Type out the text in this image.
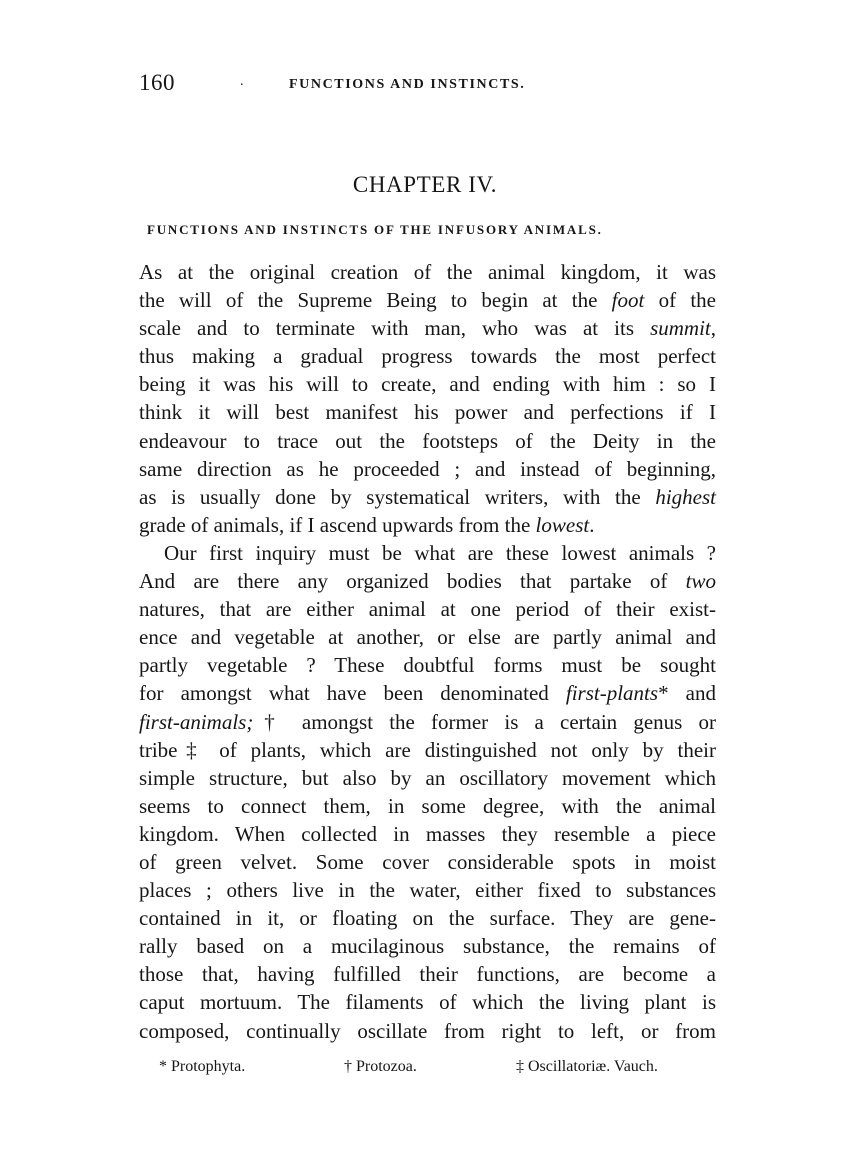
160	.	FUNCTIONS AND INSTINCTS.
CHAPTER IV.
FUNCTIONS AND INSTINCTS OF THE INFUSORY ANIMALS.
As at the original creation of the animal kingdom, it was
the will of the Supreme Being to begin at the foot of the
scale and to terminate with man, who was at its summit,
thus making a gradual progress towards the most perfect
being it was his will to create, and ending with him : so I
think it will best manifest his power and perfections if I
endeavour to trace out the footsteps of the Deity in the
same direction as he proceeded ; and instead of beginning,
as is usually done by systematical writers, with the highest
grade of animals, if I ascend upwards from the lowest.
Our first inquiry must be what are these lowest animals ?
And are there any organized bodies that partake of two
natures, that are either animal at one period of their exist-
ence and vegetable at another, or else are partly animal and
partly vegetable ? These doubtful forms must be sought
for amongst what have been denominated first-plants* and
first-animals;† amongst the former is a certain genus or
tribe‡ of plants, which are distinguished not only by their
simple structure, but also by an oscillatory movement which
seems to connect them, in some degree, with the animal
kingdom. When collected in masses they resemble a piece
of green velvet. Some cover considerable spots in moist
places ; others live in the water, either fixed to substances
contained in it, or floating on the surface. They are gene-
rally based on a mucilaginous substance, the remains of
those that, having fulfilled their functions, are become a
caput mortuum. The filaments of which the living plant is
composed, continually oscillate from right to left, or from
* Protophyta.	† Protozoa.	‡ Oscillatoriæ. Vauch.
